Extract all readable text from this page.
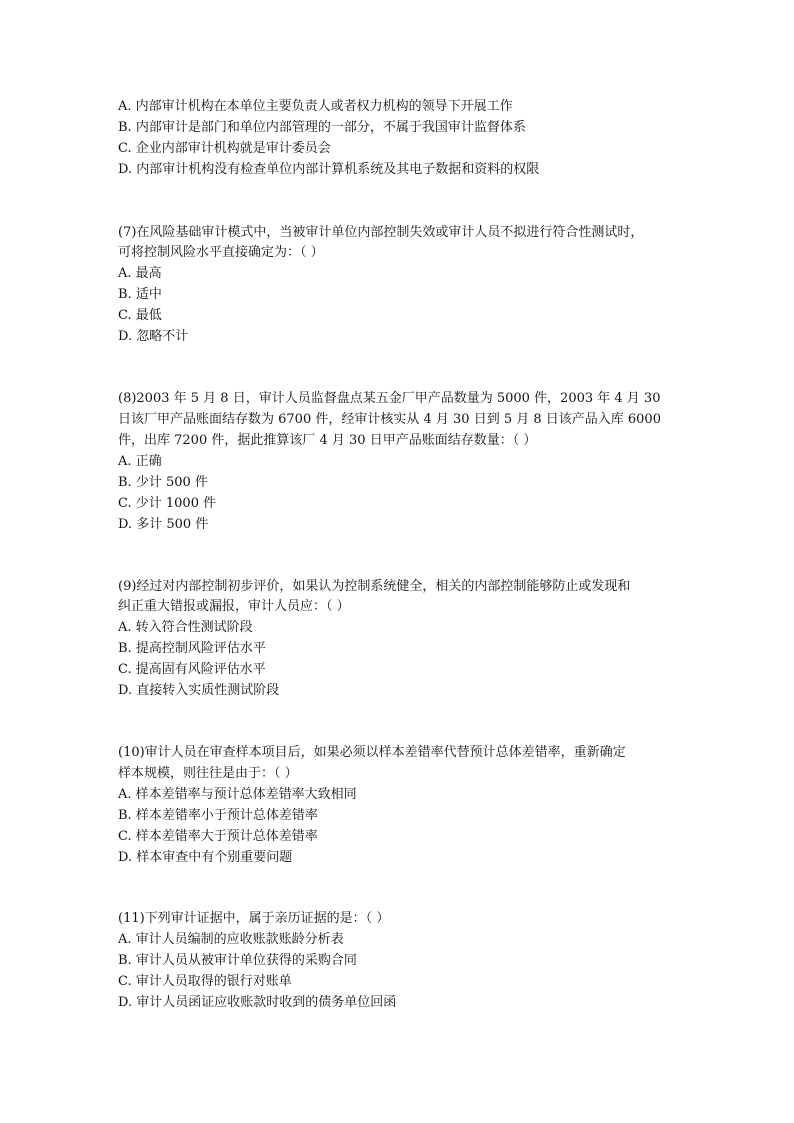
A. 内部审计机构在本单位主要负责人或者权力机构的领导下开展工作
B. 内部审计是部门和单位内部管理的一部分，不属于我国审计监督体系
C. 企业内部审计机构就是审计委员会
D. 内部审计机构没有检查单位内部计算机系统及其电子数据和资料的权限
(7)在风险基础审计模式中，当被审计单位内部控制失效或审计人员不拟进行符合性测试时，
可将控制风险水平直接确定为：（ ）
A. 最高
B. 适中
C. 最低
D. 忽略不计
(8)2003 年 5 月 8 日，审计人员监督盘点某五金厂甲产品数量为 5000 件，2003 年 4 月 30
日该厂甲产品账面结存数为 6700 件，经审计核实从 4 月 30 日到 5 月 8 日该产品入库 6000
件，出库 7200 件，据此推算该厂 4 月 30 日甲产品账面结存数量：（ ）
A. 正确
B. 少计 500 件
C. 少计 1000 件
D. 多计 500 件
(9)经过对内部控制初步评价，如果认为控制系统健全，相关的内部控制能够防止或发现和
纠正重大错报或漏报，审计人员应：（ ）
A. 转入符合性测试阶段
B. 提高控制风险评估水平
C. 提高固有风险评估水平
D. 直接转入实质性测试阶段
(10)审计人员在审查样本项目后，如果必须以样本差错率代替预计总体差错率，重新确定
样本规模，则往往是由于：（ ）
A. 样本差错率与预计总体差错率大致相同
B. 样本差错率小于预计总体差错率
C. 样本差错率大于预计总体差错率
D. 样本审查中有个别重要问题
(11)下列审计证据中，属于亲历证据的是：（ ）
A. 审计人员编制的应收账款账龄分析表
B. 审计人员从被审计单位获得的采购合同
C. 审计人员取得的银行对账单
D. 审计人员函证应收账款时收到的债务单位回函
